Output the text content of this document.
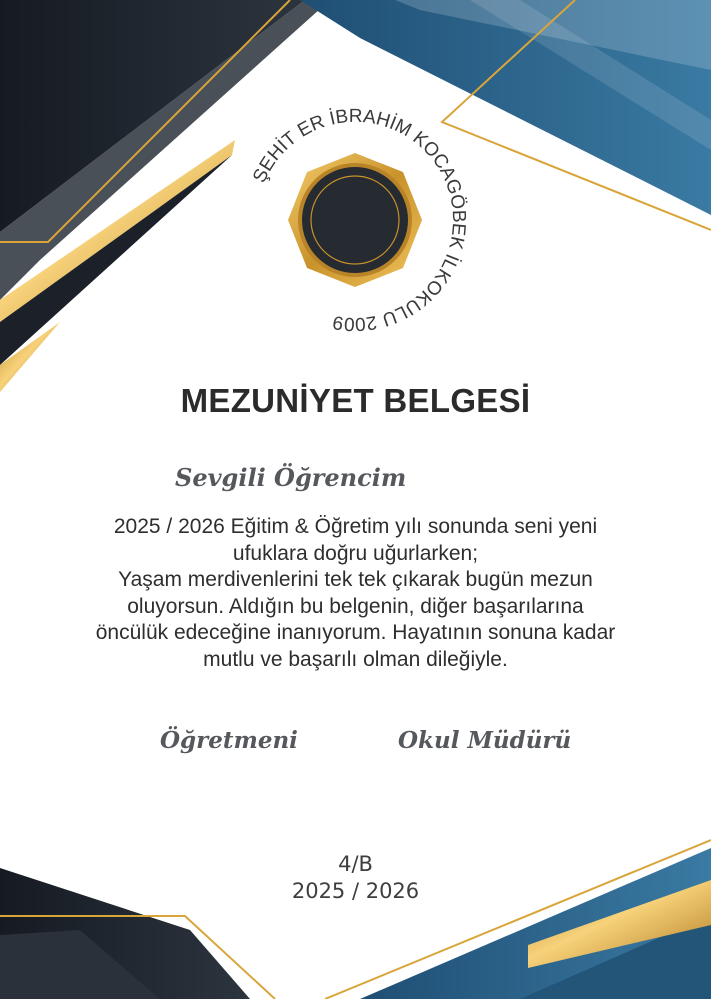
ŞEHİT ER İBRAHİM KOCAGÖBEK İLKOKULU 2009
MEZUNİYET BELGESİ
Sevgili Öğrencim

2025 / 2026 Eğitim & Öğretim yılı sonunda seni yeni
ufuklara doğru uğurlarken;
Yaşam merdivenlerini tek tek çıkarak bugün mezun
oluyorsun. Aldığın bu belgenin, diğer başarılarına
öncülük edeceğine inanıyorum. Hayatının sonuna kadar
mutlu ve başarılı olman dileğiyle.

Öğretmeni	Okul Müdürü
4/B
2025 / 2026
